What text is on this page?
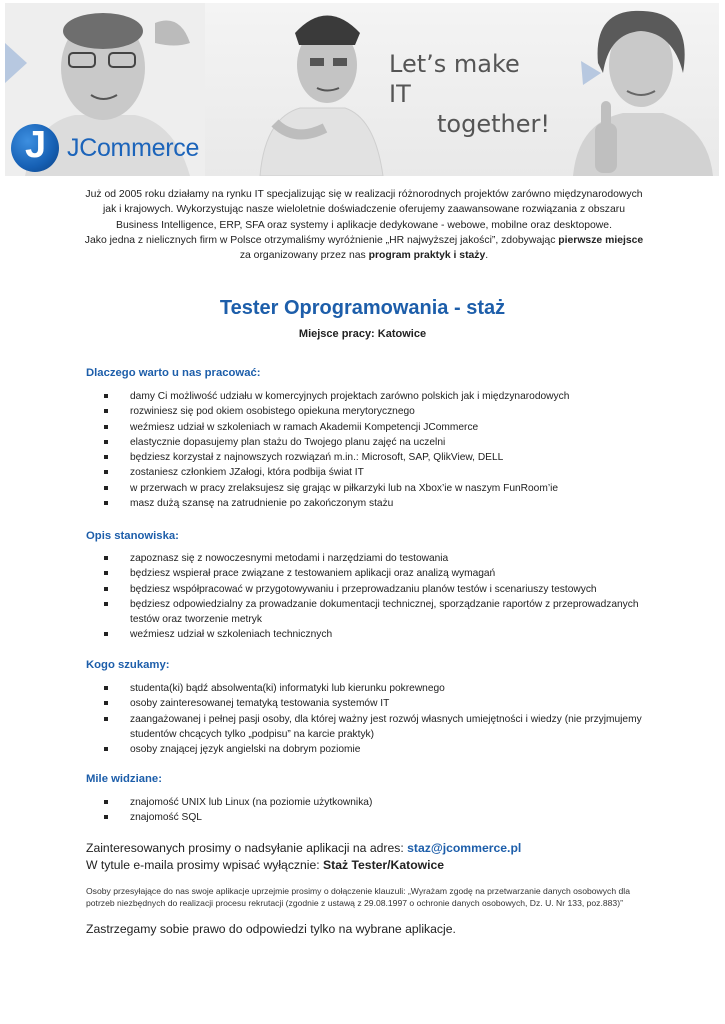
Let’s make IT
together!
J JCommerce
Już od 2005 roku działamy na rynku IT specjalizując się w realizacji różnorodnych projektów zarówno międzynarodowych jak i krajowych. Wykorzystując nasze wieloletnie doświadczenie oferujemy zaawansowane rozwiązania z obszaru Business Intelligence, ERP, SFA oraz systemy i aplikacje dedykowane - webowe, mobilne oraz desktopowe.
Jako jedna z nielicznych firm w Polsce otrzymaliśmy wyróżnienie „HR najwyższej jakości”, zdobywając pierwsze miejsce za organizowany przez nas program praktyk i staży.
Tester Oprogramowania - staż
Miejsce pracy: Katowice
Dlaczego warto u nas pracować:
damy Ci możliwość udziału w komercyjnych projektach zarówno polskich jak i międzynarodowych
rozwiniesz się pod okiem osobistego opiekuna merytorycznego
weźmiesz udział w szkoleniach w ramach Akademii Kompetencji JCommerce
elastycznie dopasujemy plan stażu do Twojego planu zajęć na uczelni
będziesz korzystał z najnowszych rozwiązań m.in.: Microsoft, SAP, QlikView, DELL
zostaniesz członkiem JZałogi, która podbija świat IT
w przerwach w pracy zrelaksujesz się grając w piłkarzyki lub na Xbox’ie w naszym FunRoom’ie
masz dużą szansę na zatrudnienie po zakończonym stażu
Opis stanowiska:
zapoznasz się z nowoczesnymi metodami i narzędziami do testowania
będziesz wspierał prace związane z testowaniem aplikacji oraz analizą wymagań
będziesz współpracować w przygotowywaniu i przeprowadzaniu planów testów i scenariuszy testowych
będziesz odpowiedzialny za prowadzanie dokumentacji technicznej, sporządzanie raportów z przeprowadzanych testów oraz tworzenie metryk
weźmiesz udział w szkoleniach technicznych
Kogo szukamy:
studenta(ki) bądź absolwenta(ki) informatyki lub kierunku pokrewnego
osoby zainteresowanej tematyką testowania systemów IT
zaangażowanej i pełnej pasji osoby, dla której ważny jest rozwój własnych umiejętności i wiedzy (nie przyjmujemy studentów chcących tylko „podpisu” na karcie praktyk)
osoby znającej język angielski na dobrym poziomie
Mile widziane:
znajomość UNIX lub Linux (na poziomie użytkownika)
znajomość SQL
Zainteresowanych prosimy o nadsyłanie aplikacji na adres: staz@jcommerce.pl
W tytule e-maila prosimy wpisać wyłącznie: Staż Tester/Katowice
Osoby przesyłające do nas swoje aplikacje uprzejmie prosimy o dołączenie klauzuli: „Wyrażam zgodę na przetwarzanie danych osobowych dla potrzeb niezbędnych do realizacji procesu rekrutacji (zgodnie z ustawą z 29.08.1997 o ochronie danych osobowych, Dz. U. Nr 133, poz.883)”
Zastrzegamy sobie prawo do odpowiedzi tylko na wybrane aplikacje.
